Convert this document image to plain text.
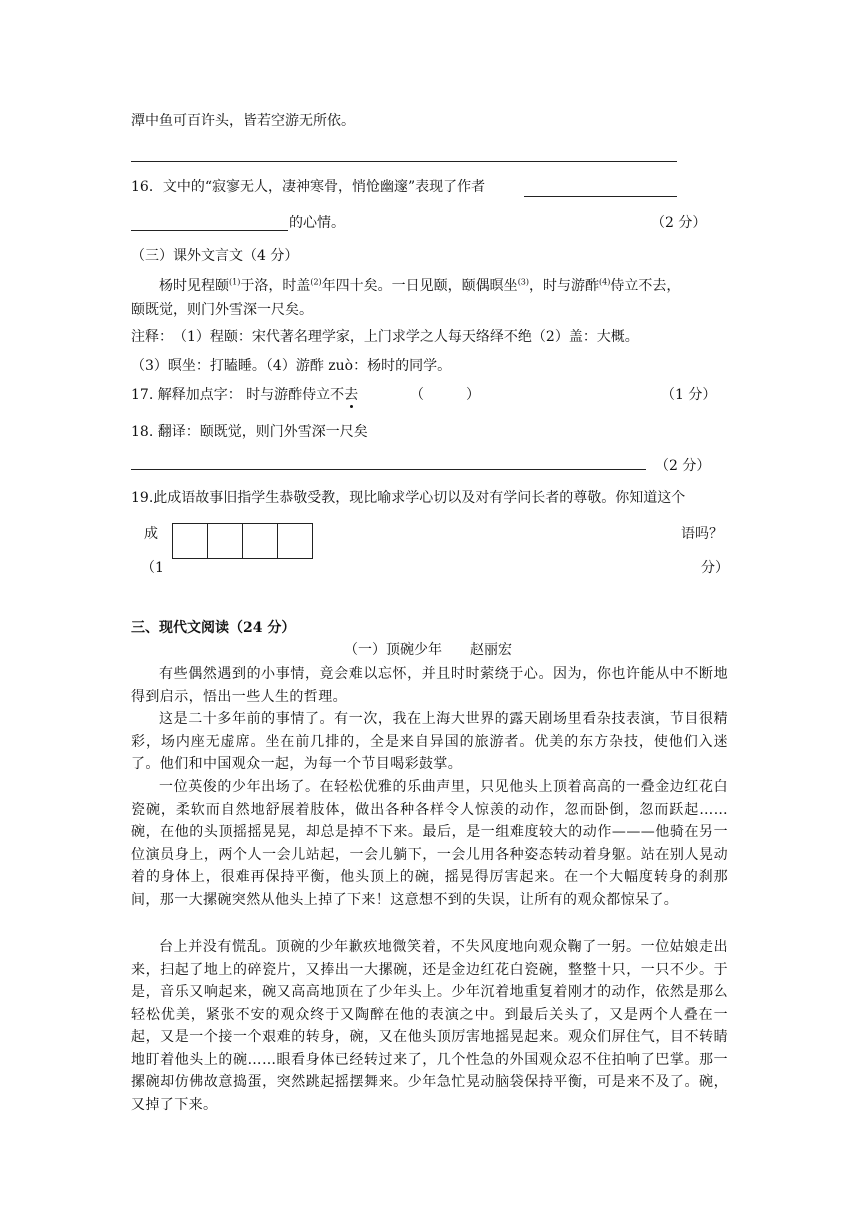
潭中鱼可百许头，皆若空游无所依。
16．文中的“寂寥无人，凄神寒骨，悄怆幽邃”表现了作者
的心情。	（2 分）
（三）课外文言文（4 分）
杨时见程颐$^{(1)}$于洛，时盖$^{(2)}$年四十矣。一日见颐，颐偶暝坐$^{(3)}$，时与游酢$^{(4)}$侍立不去，
颐既觉，则门外雪深一尺矣。
注释：　（1）程颐：宋代著名理学家，上门求学之人每天络绎不绝（2）盖：大概。
（3）暝坐：打瞌睡。（4）游酢 zuò：杨时的同学。
17. 解释加点字： 时与游酢侍立不去	（　　　）	（1 分）
18. 翻译：颐既觉，则门外雪深一尺矣
（2 分）
19.此成语故事旧指学生恭敬受教，现比喻求学心切以及对有学问长者的尊敬。你知道这个
成	语吗？
（1	分）
三、现代文阅读（24 分）
（一）顶碗少年　　赵丽宏
有些偶然遇到的小事情，竟会难以忘怀，并且时时萦绕于心。因为，你也许能从中不断地得到启示，悟出一些人生的哲理。
这是二十多年前的事情了。有一次，我在上海大世界的露天剧场里看杂技表演，节目很精彩，场内座无虚席。坐在前几排的，全是来自异国的旅游者。优美的东方杂技，使他们入迷了。他们和中国观众一起，为每一个节目喝彩鼓掌。
一位英俊的少年出场了。在轻松优雅的乐曲声里，只见他头上顶着高高的一叠金边红花白瓷碗，柔软而自然地舒展着肢体，做出各种各样令人惊羡的动作，忽而卧倒，忽而跃起……碗，在他的头顶摇摇晃晃，却总是掉不下来。最后，是一组难度较大的动作———他骑在另一位演员身上，两个人一会儿站起，一会儿躺下，一会儿用各种姿态转动着身躯。站在别人晃动着的身体上，很难再保持平衡，他头顶上的碗，摇晃得厉害起来。在一个大幅度转身的刹那间，那一大摞碗突然从他头上掉了下来！这意想不到的失误，让所有的观众都惊呆了。
台上并没有慌乱。顶碗的少年歉疚地微笑着，不失风度地向观众鞠了一躬。一位姑娘走出来，扫起了地上的碎瓷片，又捧出一大摞碗，还是金边红花白瓷碗，整整十只，一只不少。于是，音乐又响起来，碗又高高地顶在了少年头上。少年沉着地重复着刚才的动作，依然是那么轻松优美，紧张不安的观众终于又陶醉在他的表演之中。到最后关头了，又是两个人叠在一起，又是一个接一个艰难的转身，碗，又在他头顶厉害地摇晃起来。观众们屏住气，目不转睛地盯着他头上的碗……眼看身体已经转过来了，几个性急的外国观众忍不住拍响了巴掌。那一摞碗却仿佛故意捣蛋，突然跳起摇摆舞来。少年急忙晃动脑袋保持平衡，可是来不及了。碗，又掉了下来。
